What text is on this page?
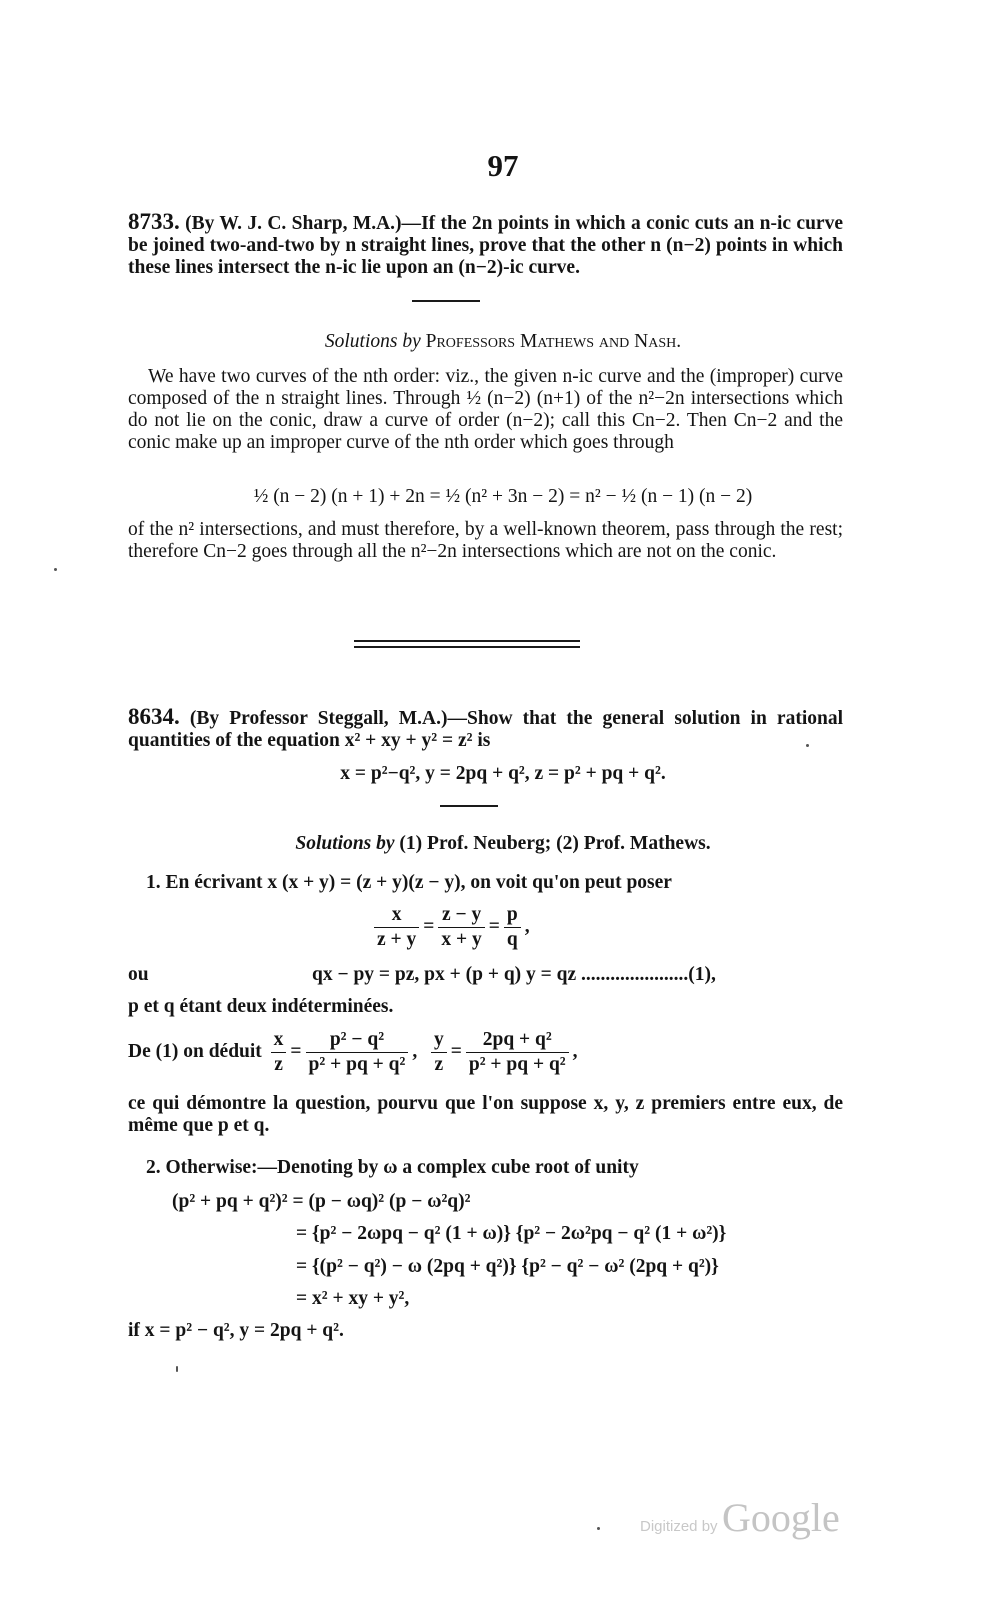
97

8733. (By W. J. C. Sharp, M.A.)—If the 2n points in which a conic cuts an n-ic curve be joined two-and-two by n straight lines, prove that the other n (n−2) points in which these lines intersect the n-ic lie upon an (n−2)-ic curve.

Solutions by Professors Mathews and Nash.
We have two curves of the nth order: viz., the given n-ic curve and the (improper) curve composed of the n straight lines. Through ½ (n−2) (n+1) of the n²−2n intersections which do not lie on the conic, draw a curve of order (n−2); call this Cn−2. Then Cn−2 and the conic make up an improper curve of the nth order which goes through
½ (n − 2) (n + 1) + 2n = ½ (n² + 3n − 2) = n² − ½ (n − 1) (n − 2)
of the n² intersections, and must therefore, by a well-known theorem, pass through the rest; therefore Cn−2 goes through all the n²−2n intersections which are not on the conic.

8634. (By Professor Steggall, M.A.)—Show that the general solution in rational quantities of the equation x² + xy + y² = z² is

x = p²−q², y = 2pq + q², z = p² + pq + q².
Solutions by (1) Prof. Neuberg; (2) Prof. Mathews.
1. En écrivant x (x + y) = (z + y)(z − y), on voit qu'on peut poser
$\frac{x}{z + y} = \frac{z - y}{x + y} = \frac{p}{q}$ ,
ou	qx − py = pz, px + (p + q) y = qz ......................(1),
p et q étant deux indéterminées.
De (1) on déduit $\frac{x}{z} = \frac{\text{p² − q²}}{\text{p² + pq + q²}}$ , $\frac{y}{z} = \frac{\text{2pq + q²}}{\text{p² + pq + q²}}$ ,
ce qui démontre la question, pourvu que l'on suppose x, y, z premiers entre eux, de même que p et q.
2. Otherwise:—Denoting by ω a complex cube root of unity
(p² + pq + q²)² = (p − ωq)² (p − ω²q)²
= {p² − 2ωpq − q² (1 + ω)} {p² − 2ω²pq − q² (1 + ω²)}
= {(p² − q²) − ω (2pq + q²)} {p² − q² − ω² (2pq + q²)}
= x² + xy + y²,
if x = p² − q², y = 2pq + q².
Digitized by Google
